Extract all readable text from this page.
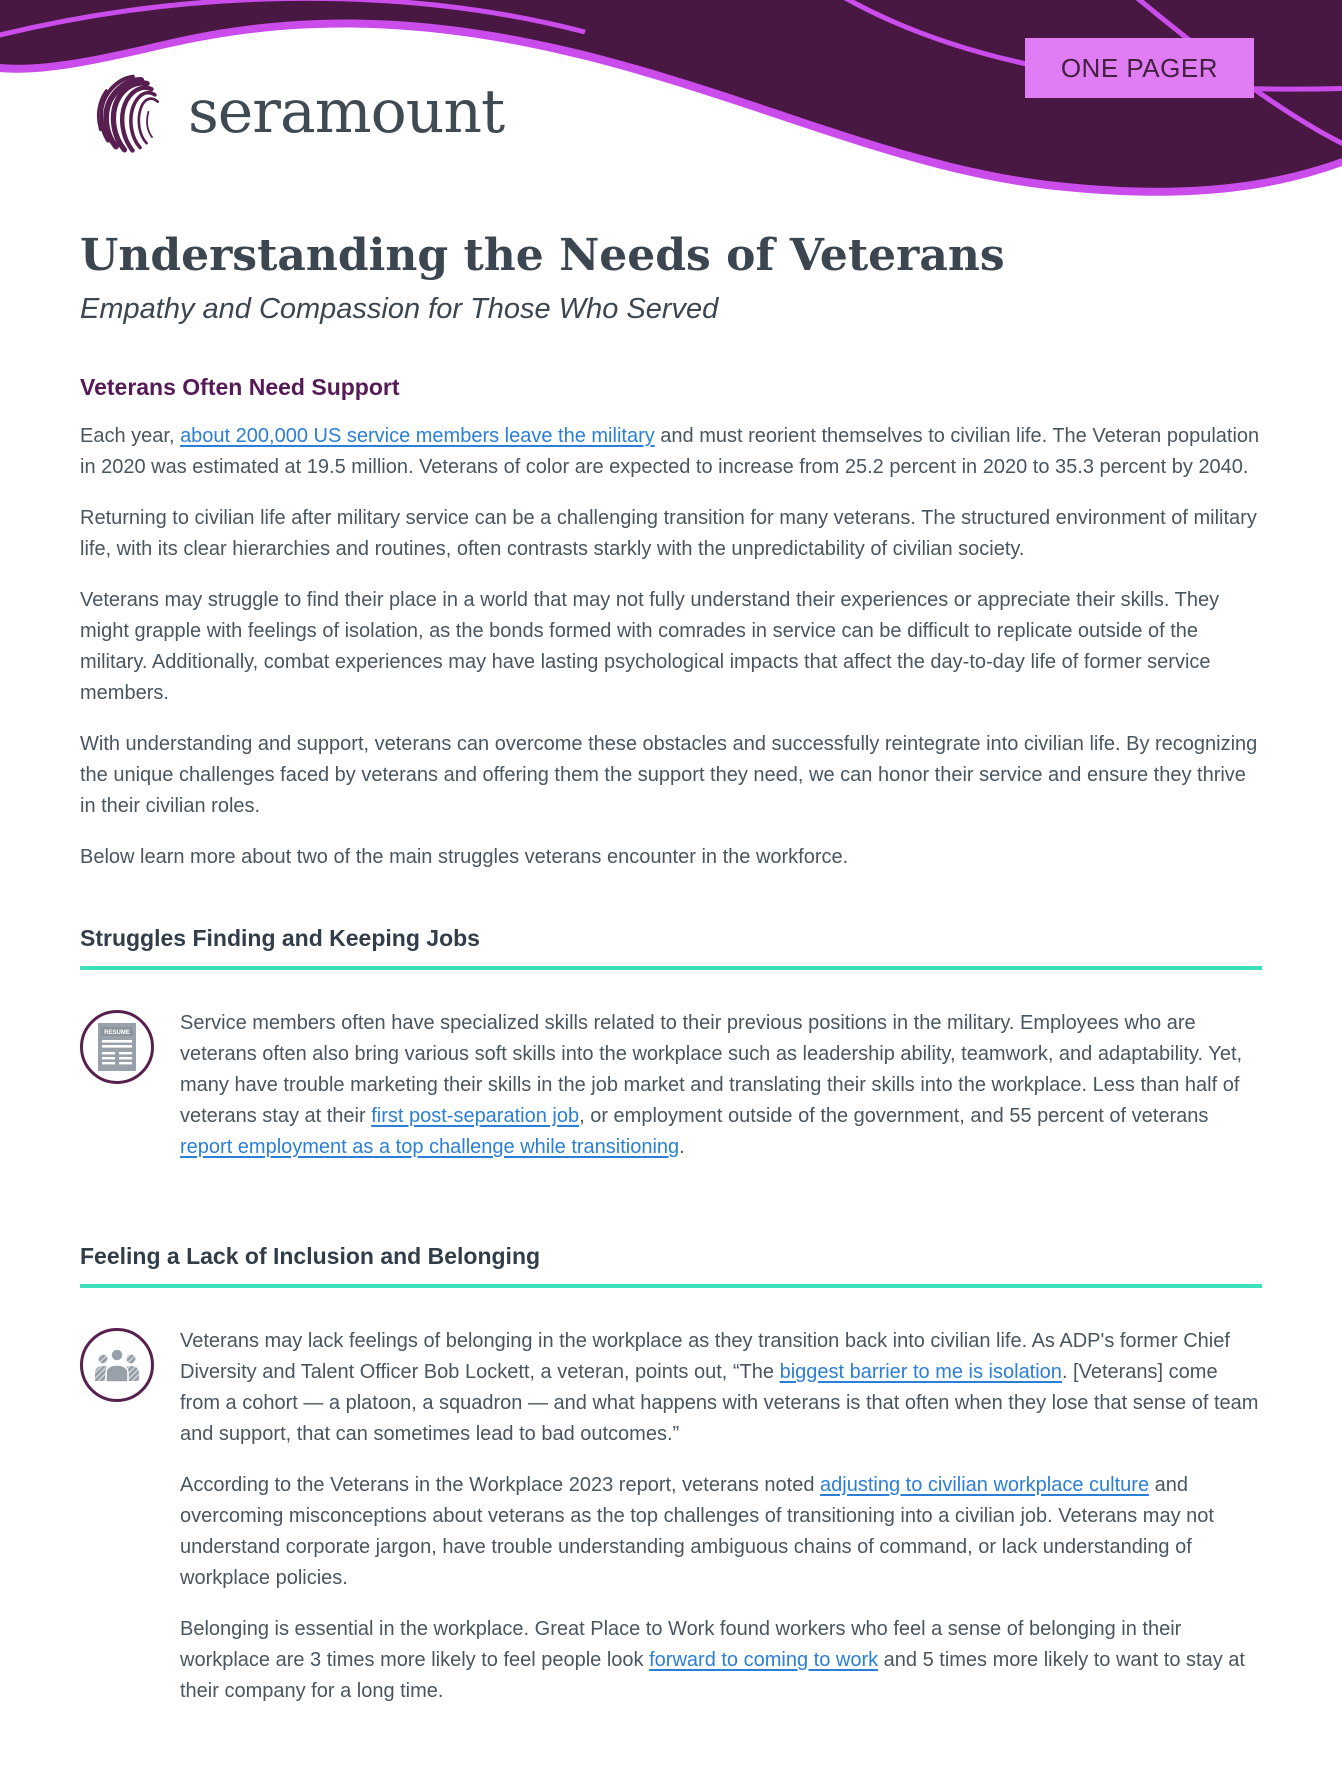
ONE PAGER
seramount
Understanding the Needs of Veterans

Empathy and Compassion for Those Who Served

Veterans Often Need Support

Each year, about 200,000 US service members leave the military and must reorient themselves to civilian life. The Veteran population in 2020 was estimated at 19.5 million. Veterans of color are expected to increase from 25.2 percent in 2020 to 35.3 percent by 2040.

Returning to civilian life after military service can be a challenging transition for many veterans. The structured environment of military life, with its clear hierarchies and routines, often contrasts starkly with the unpredictability of civilian society.

Veterans may struggle to find their place in a world that may not fully understand their experiences or appreciate their skills. They might grapple with feelings of isolation, as the bonds formed with comrades in service can be difficult to replicate outside of the military. Additionally, combat experiences may have lasting psychological impacts that affect the day-to-day life of former service members.

With understanding and support, veterans can overcome these obstacles and successfully reintegrate into civilian life. By recognizing the unique challenges faced by veterans and offering them the support they need, we can honor their service and ensure they thrive in their civilian roles.

Below learn more about two of the main struggles veterans encounter in the workforce.

Struggles Finding and Keeping Jobs
RESUME	Service members often have specialized skills related to their previous positions in the military. Employees who are veterans often also bring various soft skills into the workplace such as leadership ability, teamwork, and adaptability. Yet, many have trouble marketing their skills in the job market and translating their skills into the workplace. Less than half of veterans stay at their first post-separation job, or employment outside of the government, and 55 percent of veterans report employment as a top challenge while transitioning.

Feeling a Lack of Inclusion and Belonging

Veterans may lack feelings of belonging in the workplace as they transition back into civilian life. As ADP's former Chief Diversity and Talent Officer Bob Lockett, a veteran, points out, “The biggest barrier to me is isolation. [Veterans] come from a cohort — a platoon, a squadron — and what happens with veterans is that often when they lose that sense of team and support, that can sometimes lead to bad outcomes.”

According to the Veterans in the Workplace 2023 report, veterans noted adjusting to civilian workplace culture and overcoming misconceptions about veterans as the top challenges of transitioning into a civilian job. Veterans may not understand corporate jargon, have trouble understanding ambiguous chains of command, or lack understanding of workplace policies.

Belonging is essential in the workplace. Great Place to Work found workers who feel a sense of belonging in their workplace are 3 times more likely to feel people look forward to coming to work and 5 times more likely to want to stay at their company for a long time.
